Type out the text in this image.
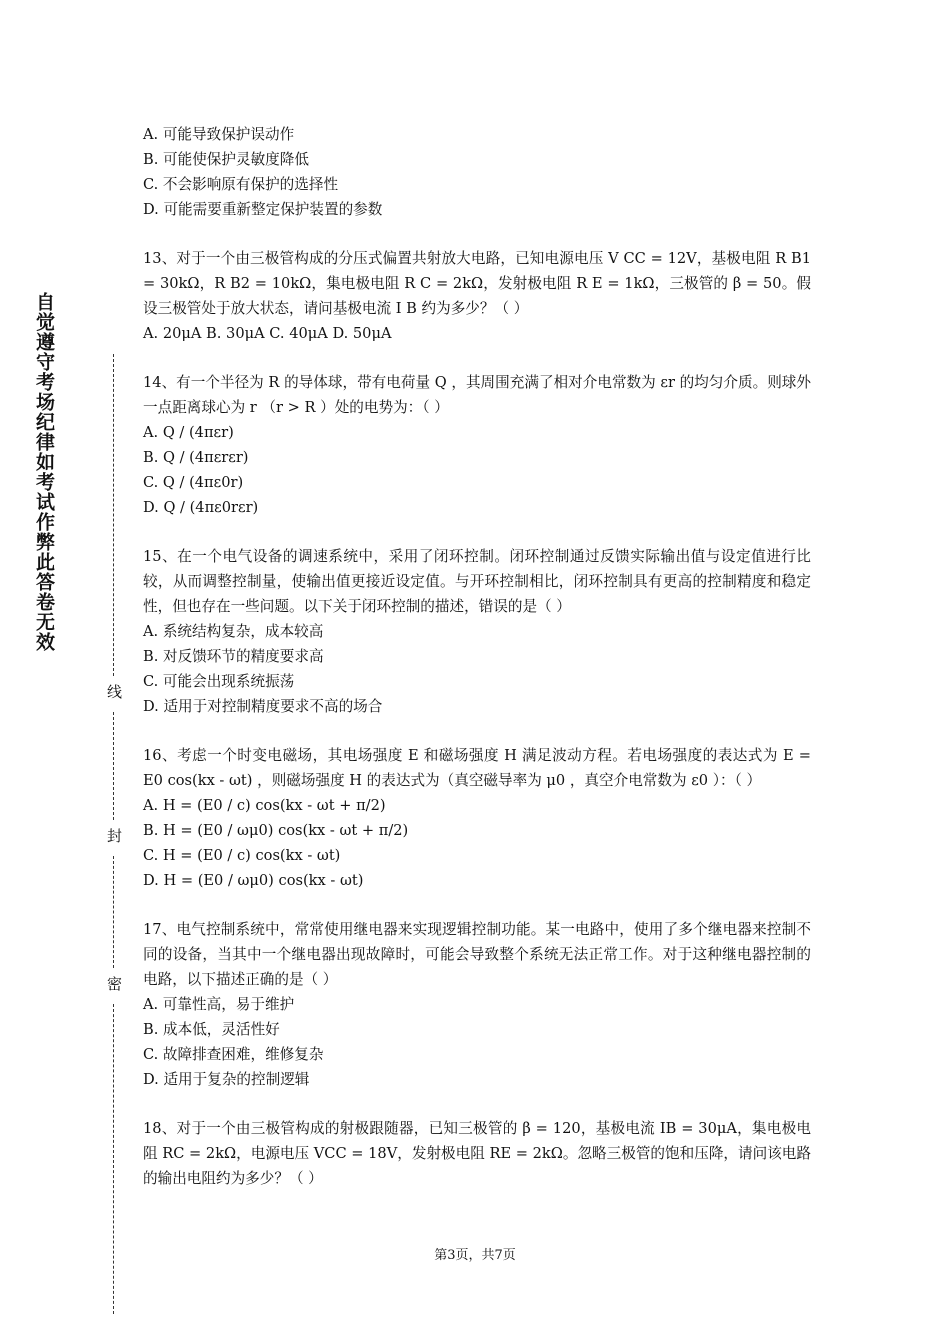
自觉遵守考场纪律如考试作弊此答卷无效
线
封
密

A. 可能导致保护误动作

B. 可能使保护灵敏度降低

C. 不会影响原有保护的选择性

D. 可能需要重新整定保护装置的参数

13、对于一个由三极管构成的分压式偏置共射放大电路，已知电源电压 V CC = 12V，基极电阻 R B1 = 30kΩ，R B2 = 10kΩ，集电极电阻 R C = 2kΩ，发射极电阻 R E = 1kΩ，三极管的 β = 50。假设三极管处于放大状态，请问基极电流 I B 约为多少？（ ）

A. 20μA B. 30μA C. 40μA D. 50μA

14、有一个半径为 R 的导体球，带有电荷量 Q ，其周围充满了相对介电常数为 εr 的均匀介质。则球外一点距离球心为 r （r > R ）处的电势为：（ ）

A. Q / (4πεr)

B. Q / (4πεrεr)

C. Q / (4πε0r)

D. Q / (4πε0rεr)

15、在一个电气设备的调速系统中，采用了闭环控制。闭环控制通过反馈实际输出值与设定值进行比较，从而调整控制量，使输出值更接近设定值。与开环控制相比，闭环控制具有更高的控制精度和稳定性，但也存在一些问题。以下关于闭环控制的描述，错误的是（ ）

A. 系统结构复杂，成本较高

B. 对反馈环节的精度要求高

C. 可能会出现系统振荡

D. 适用于对控制精度要求不高的场合

16、考虑一个时变电磁场，其电场强度 E 和磁场强度 H 满足波动方程。若电场强度的表达式为 E = E0 cos(kx - ωt) ，则磁场强度 H 的表达式为（真空磁导率为 μ0 ，真空介电常数为 ε0 ）：（ ）

A. H = (E0 / c) cos(kx - ωt + π/2)

B. H = (E0 / ωμ0) cos(kx - ωt + π/2)

C. H = (E0 / c) cos(kx - ωt)

D. H = (E0 / ωμ0) cos(kx - ωt)

17、电气控制系统中，常常使用继电器来实现逻辑控制功能。某一电路中，使用了多个继电器来控制不同的设备，当其中一个继电器出现故障时，可能会导致整个系统无法正常工作。对于这种继电器控制的电路，以下描述正确的是（ ）

A. 可靠性高，易于维护

B. 成本低，灵活性好

C. 故障排查困难，维修复杂

D. 适用于复杂的控制逻辑

18、对于一个由三极管构成的射极跟随器，已知三极管的 β = 120，基极电流 IB = 30μA，集电极电阻 RC = 2kΩ，电源电压 VCC = 18V，发射极电阻 RE = 2kΩ。忽略三极管的饱和压降，请问该电路的输出电阻约为多少？（ ）

第3页，共7页
